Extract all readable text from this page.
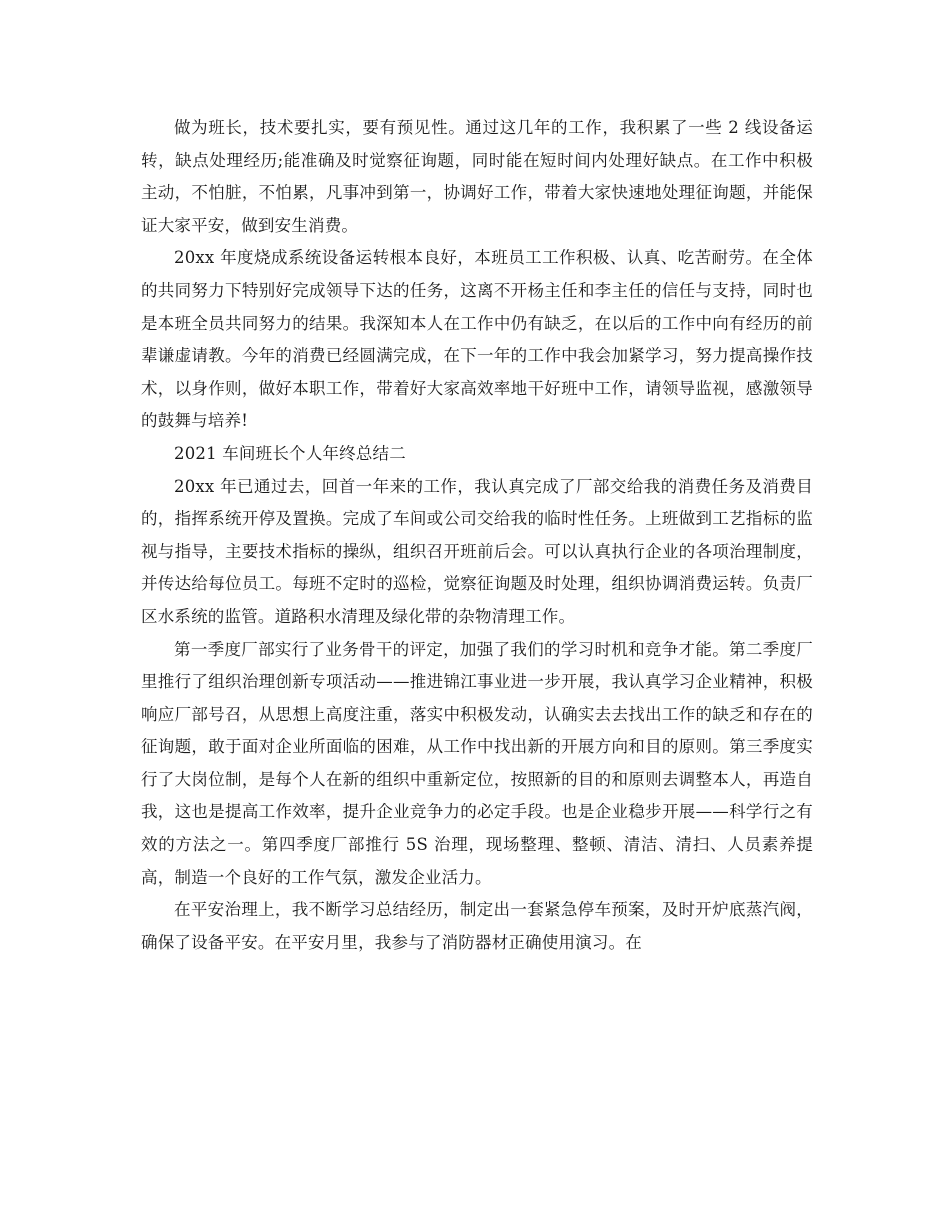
做为班长，技术要扎实，要有预见性。通过这几年的工作，我积累了一些 2 线设备运转，缺点处理经历;能准确及时觉察征询题，同时能在短时间内处理好缺点。在工作中积极主动，不怕脏，不怕累，凡事冲到第一，协调好工作，带着大家快速地处理征询题，并能保证大家平安，做到安生消费。

20xx 年度烧成系统设备运转根本良好，本班员工工作积极、认真、吃苦耐劳。在全体的共同努力下特别好完成领导下达的任务，这离不开杨主任和李主任的信任与支持，同时也是本班全员共同努力的结果。我深知本人在工作中仍有缺乏，在以后的工作中向有经历的前辈谦虚请教。今年的消费已经圆满完成，在下一年的工作中我会加紧学习，努力提高操作技术，以身作则，做好本职工作，带着好大家高效率地干好班中工作，请领导监视，感激领导的鼓舞与培养!

2021 车间班长个人年终总结二

20xx 年已通过去，回首一年来的工作，我认真完成了厂部交给我的消费任务及消费目的，指挥系统开停及置换。完成了车间或公司交给我的临时性任务。上班做到工艺指标的监视与指导，主要技术指标的操纵，组织召开班前后会。可以认真执行企业的各项治理制度，并传达给每位员工。每班不定时的巡检，觉察征询题及时处理，组织协调消费运转。负责厂区水系统的监管。道路积水清理及绿化带的杂物清理工作。

第一季度厂部实行了业务骨干的评定，加强了我们的学习时机和竞争才能。第二季度厂里推行了组织治理创新专项活动——推进锦江事业进一步开展，我认真学习企业精神，积极响应厂部号召，从思想上高度注重，落实中积极发动，认确实去去找出工作的缺乏和存在的征询题，敢于面对企业所面临的困难，从工作中找出新的开展方向和目的原则。第三季度实行了大岗位制，是每个人在新的组织中重新定位，按照新的目的和原则去调整本人，再造自我，这也是提高工作效率，提升企业竞争力的必定手段。也是企业稳步开展——科学行之有效的方法之一。第四季度厂部推行 5S 治理，现场整理、整顿、清洁、清扫、人员素养提高，制造一个良好的工作气氛，激发企业活力。

在平安治理上，我不断学习总结经历，制定出一套紧急停车预案，及时开炉底蒸汽阀，确保了设备平安。在平安月里，我参与了消防器材正确使用演习。在
